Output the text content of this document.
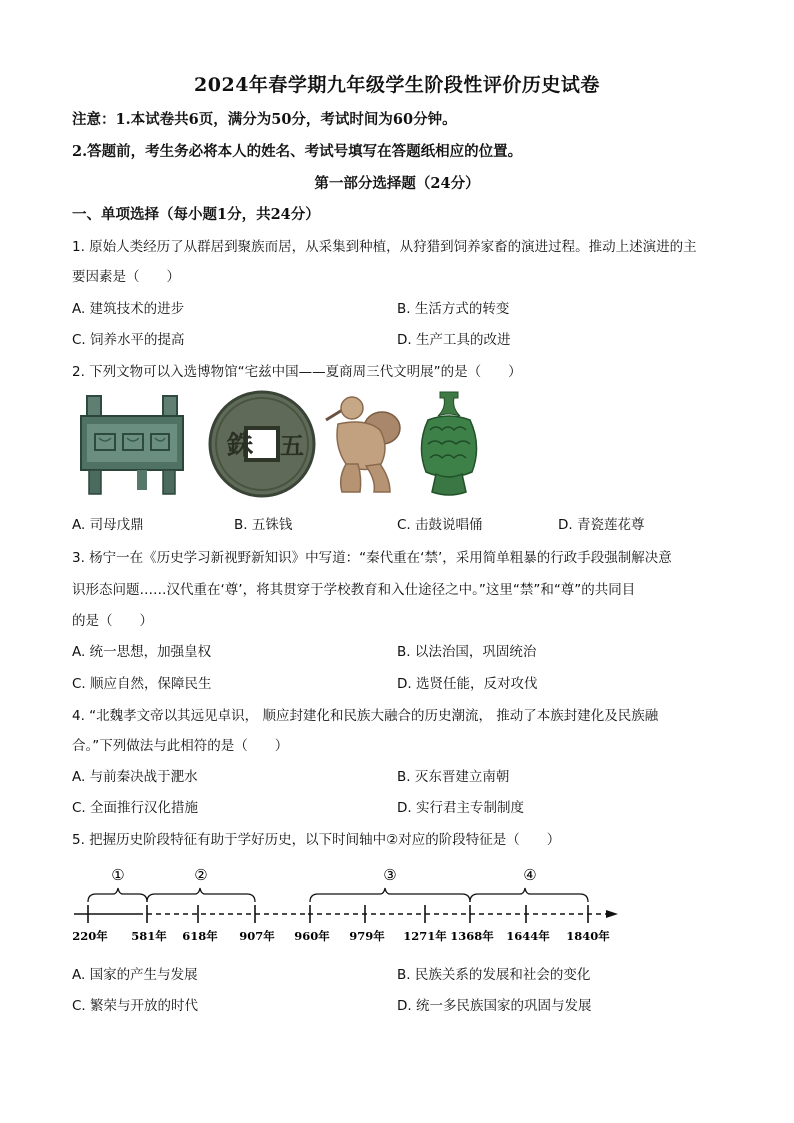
2024年春学期九年级学生阶段性评价历史试卷
注意：1.本试卷共6页，满分为50分，考试时间为60分钟。
2.答题前，考生务必将本人的姓名、考试号填写在答题纸相应的位置。
第一部分选择题（24分）
一、单项选择（每小题1分，共24分）
1. 原始人类经历了从群居到聚族而居，从采集到种植，从狩猎到饲养家畜的演进过程。推动上述演进的主
要因素是（　　）
A. 建筑技术的进步	B. 生活方式的转变
C. 饲养水平的提高	D. 生产工具的改进
2. 下列文物可以入选博物馆“宅兹中国——夏商周三代文明展”的是（　　）
銖 五
A. 司母戊鼎	B. 五铢钱	C. 击鼓说唱俑	D. 青瓷莲花尊
3. 杨宁一在《历史学习新视野新知识》中写道：“秦代重在‘禁’，采用简单粗暴的行政手段强制解决意
识形态问题……汉代重在‘尊’，将其贯穿于学校教育和入仕途径之中。”这里“禁”和“尊”的共同目
的是（　　）
A. 统一思想，加强皇权	B. 以法治国，巩固统治
C. 顺应自然，保障民生	D. 选贤任能，反对攻伐
4. “北魏孝文帝以其远见卓识， 顺应封建化和民族大融合的历史潮流， 推动了本族封建化及民族融
合。”下列做法与此相符的是（　　）
A. 与前秦决战于淝水	B. 灭东晋建立南朝
C. 全面推行汉化措施	D. 实行君主专制制度
5. 把握历史阶段特征有助于学好历史，以下时间轴中②对应的阶段特征是（　　）
①	②	③	④
220年 581年 618年 907年 960年 979年 1271年 1368年 1644年 1840年
A. 国家的产生与发展	B. 民族关系的发展和社会的变化
C. 繁荣与开放的时代	D. 统一多民族国家的巩固与发展
